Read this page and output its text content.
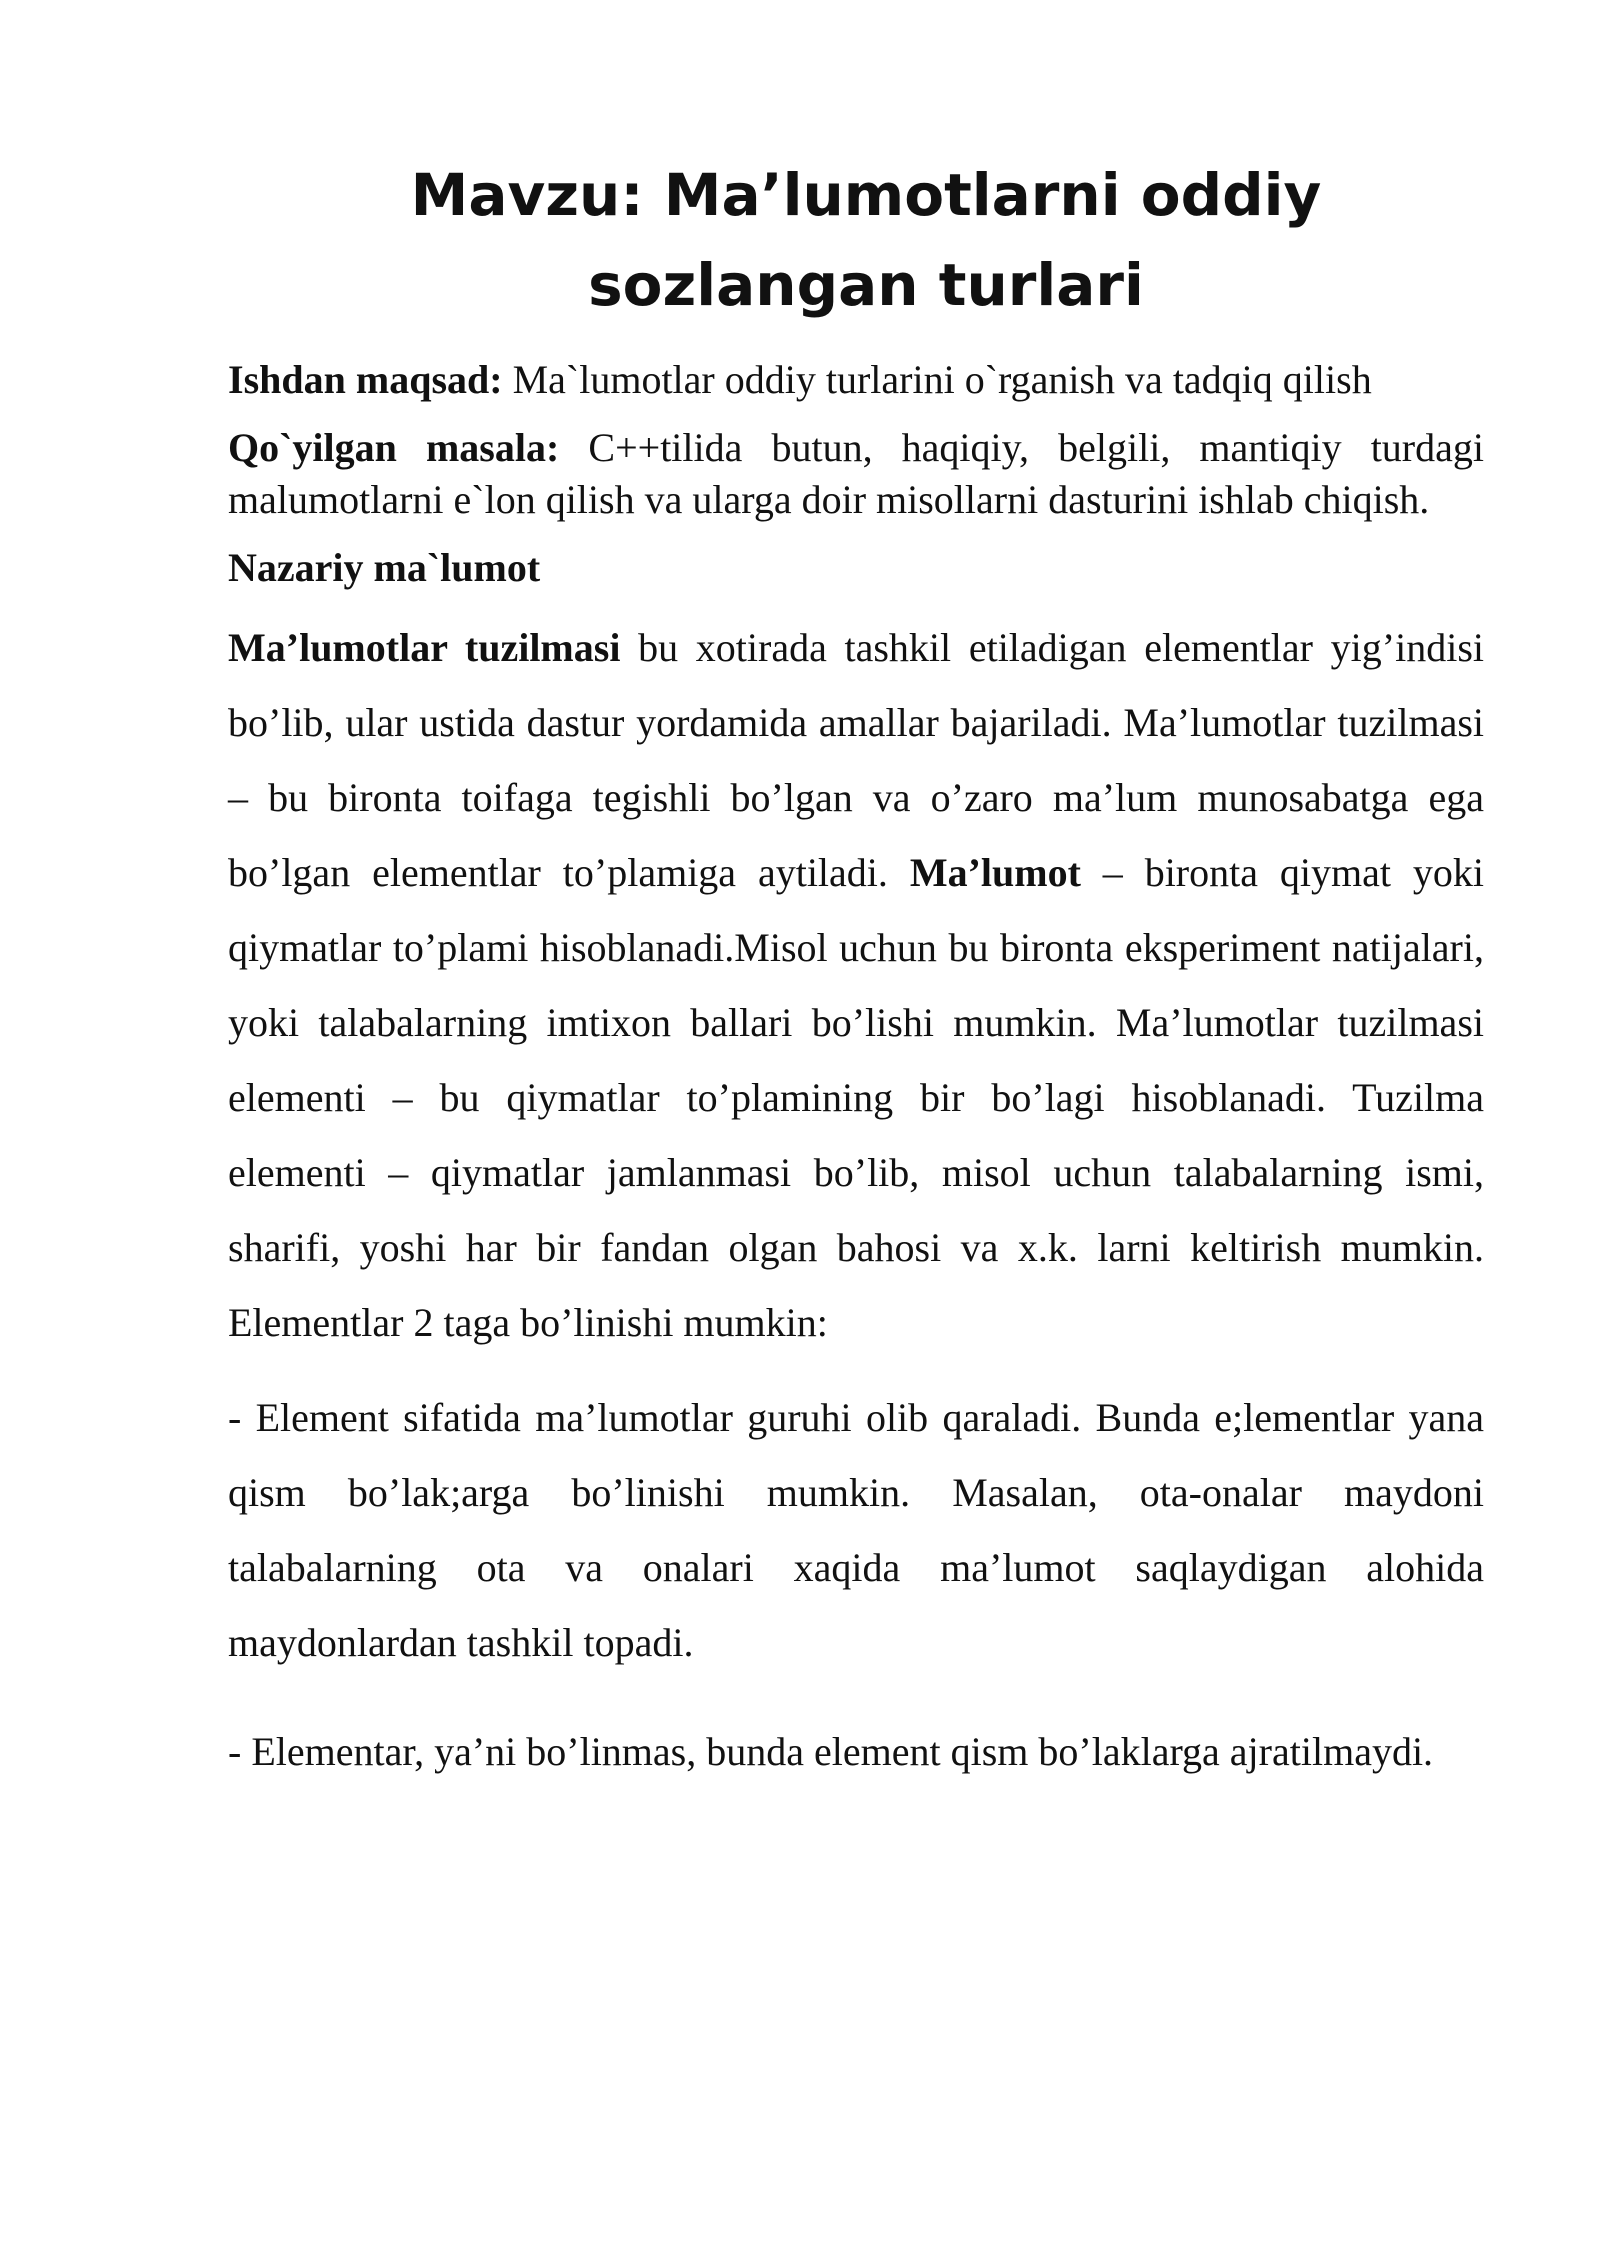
Mavzu: Ma’lumotlarni oddiy sozlangan turlari

Ishdan maqsad: Ma`lumotlar oddiy turlarini o`rganish va tadqiq qilish

Qo`yilgan masala: C++tilida butun, haqiqiy, belgili, mantiqiy turdagi malumotlarni e`lon qilish va ularga doir misollarni dasturini ishlab chiqish.

Nazariy ma`lumot

Ma’lumotlar tuzilmasi bu xotirada tashkil etiladigan elementlar yig’indisi bo’lib, ular ustida dastur yordamida amallar bajariladi. Ma’lumotlar tuzilmasi – bu bironta toifaga tegishli bo’lgan va o’zaro ma’lum munosabatga ega bo’lgan elementlar to’plamiga aytiladi. Ma’lumot – bironta qiymat yoki qiymatlar to’plami hisoblanadi.Misol uchun bu bironta eksperiment natijalari, yoki talabalarning imtixon ballari bo’lishi mumkin. Ma’lumotlar tuzilmasi elementi – bu qiymatlar to’plamining bir bo’lagi hisoblanadi. Tuzilma elementi – qiymatlar jamlanmasi bo’lib, misol uchun talabalarning ismi, sharifi, yoshi har bir fandan olgan bahosi va x.k. larni keltirish mumkin. Elementlar 2 taga bo’linishi mumkin:

- Element sifatida ma’lumotlar guruhi olib qaraladi. Bunda e;lementlar yana qism bo’lak;arga bo’linishi mumkin. Masalan, ota-onalar maydoni talabalarning ota va onalari xaqida ma’lumot saqlaydigan alohida maydonlardan tashkil topadi.

- Elementar, ya’ni bo’linmas, bunda element qism bo’laklarga ajratilmaydi.
